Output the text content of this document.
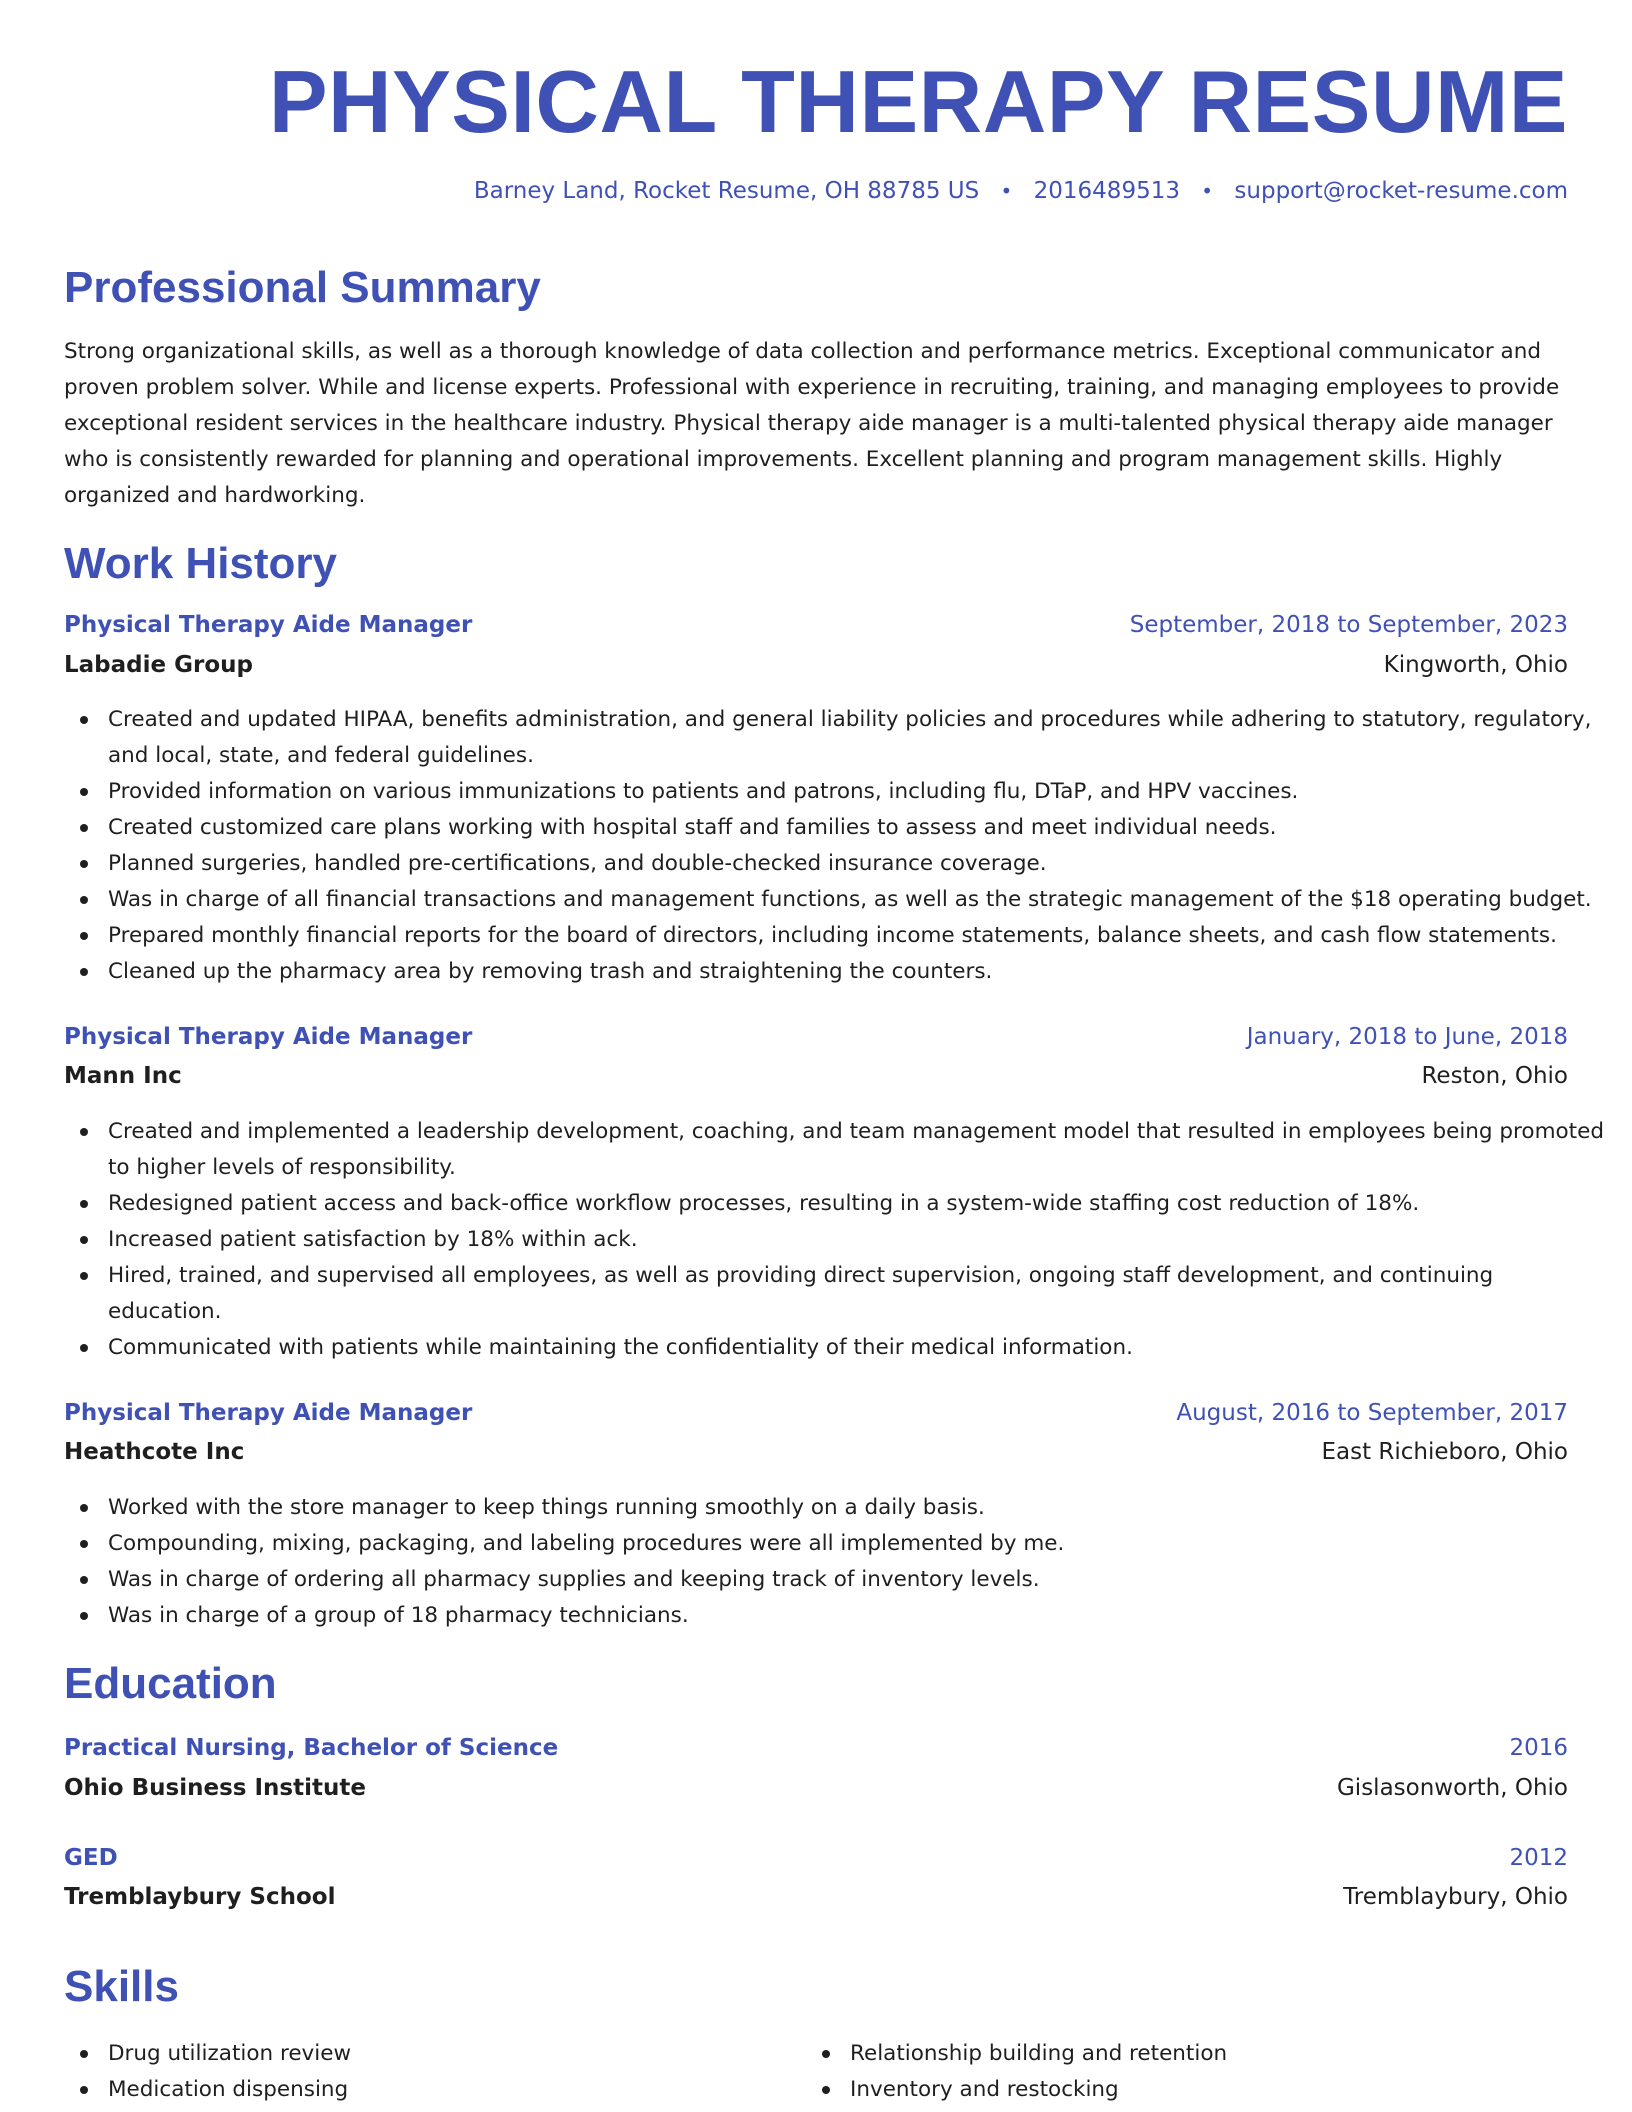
PHYSICAL THERAPY RESUME
Barney Land, Rocket Resume, OH 88785 US • 2016489513 • support@rocket-resume.com
Professional Summary

Strong organizational skills, as well as a thorough knowledge of data collection and performance metrics. Exceptional communicator and proven problem solver. While and license experts. Professional with experience in recruiting, training, and managing employees to provide exceptional resident services in the healthcare industry. Physical therapy aide manager is a multi-talented physical therapy aide manager who is consistently rewarded for planning and operational improvements. Excellent planning and program management skills. Highly organized and hardworking.

Work History
Physical Therapy Aide Manager	September, 2018 to September, 2023
Labadie Group	Kingworth, Ohio
Created and updated HIPAA, benefits administration, and general liability policies and procedures while adhering to statutory, regulatory, and local, state, and federal guidelines.
Provided information on various immunizations to patients and patrons, including flu, DTaP, and HPV vaccines.
Created customized care plans working with hospital staff and families to assess and meet individual needs.
Planned surgeries, handled pre-certifications, and double-checked insurance coverage.
Was in charge of all financial transactions and management functions, as well as the strategic management of the $18 operating budget.
Prepared monthly financial reports for the board of directors, including income statements, balance sheets, and cash flow statements.
Cleaned up the pharmacy area by removing trash and straightening the counters.
Physical Therapy Aide Manager	January, 2018 to June, 2018
Mann Inc	Reston, Ohio
Created and implemented a leadership development, coaching, and team management model that resulted in employees being promoted to higher levels of responsibility.
Redesigned patient access and back-office workflow processes, resulting in a system-wide staffing cost reduction of 18%.
Increased patient satisfaction by 18% within ack.
Hired, trained, and supervised all employees, as well as providing direct supervision, ongoing staff development, and continuing education.
Communicated with patients while maintaining the confidentiality of their medical information.
Physical Therapy Aide Manager	August, 2016 to September, 2017
Heathcote Inc	East Richieboro, Ohio
Worked with the store manager to keep things running smoothly on a daily basis.
Compounding, mixing, packaging, and labeling procedures were all implemented by me.
Was in charge of ordering all pharmacy supplies and keeping track of inventory levels.
Was in charge of a group of 18 pharmacy technicians.
Education
Practical Nursing, Bachelor of Science	2016
Ohio Business Institute	Gislasonworth, Ohio
GED	2012
Tremblaybury School	Tremblaybury, Ohio
Skills
Drug utilization review
Medication dispensing
Relationship building and retention
Inventory and restocking
